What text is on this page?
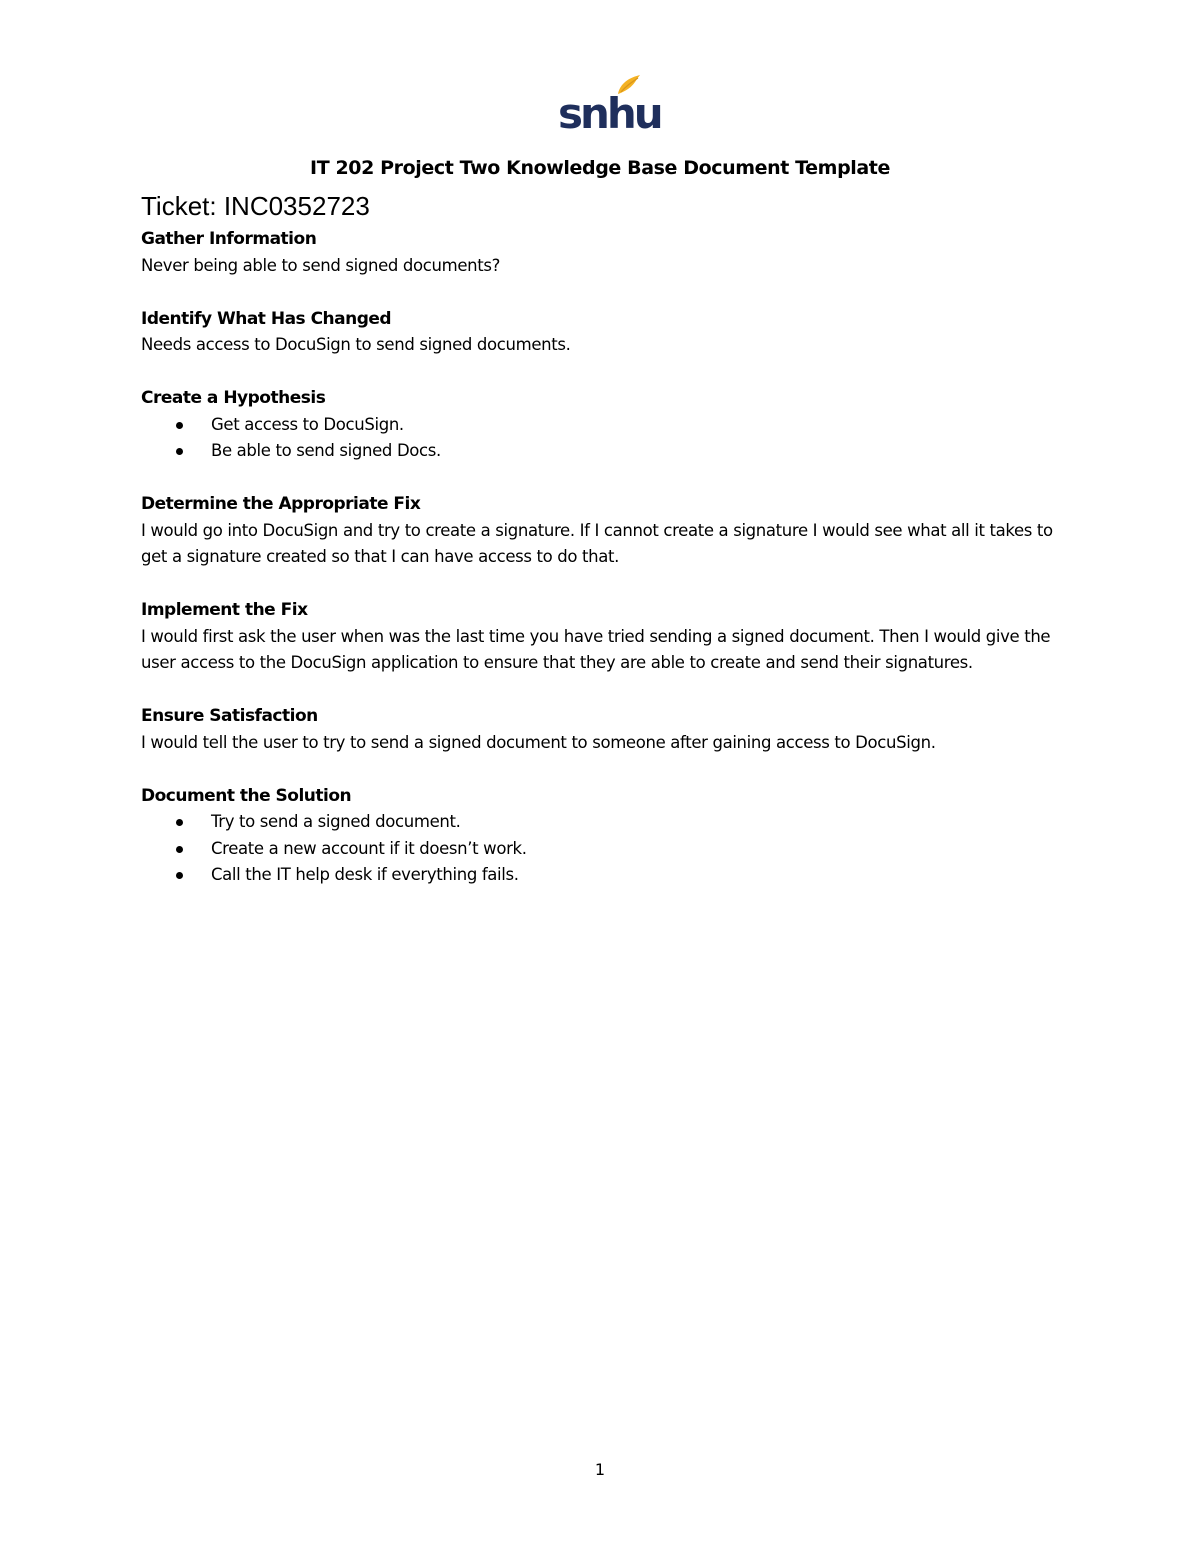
snhu
IT 202 Project Two Knowledge Base Document Template
Ticket: INC0352723
Gather Information

Never being able to send signed documents?

Identify What Has Changed

Needs access to DocuSign to send signed documents.

Create a Hypothesis
Get access to DocuSign.
Be able to send signed Docs.
Determine the Appropriate Fix

I would go into DocuSign and try to create a signature. If I cannot create a signature I would see what all it takes to get a signature created so that I can have access to do that.

Implement the Fix

I would first ask the user when was the last time you have tried sending a signed document. Then I would give the user access to the DocuSign application to ensure that they are able to create and send their signatures.

Ensure Satisfaction

I would tell the user to try to send a signed document to someone after gaining access to DocuSign.

Document the Solution
Try to send a signed document.
Create a new account if it doesn’t work.
Call the IT help desk if everything fails.
1
